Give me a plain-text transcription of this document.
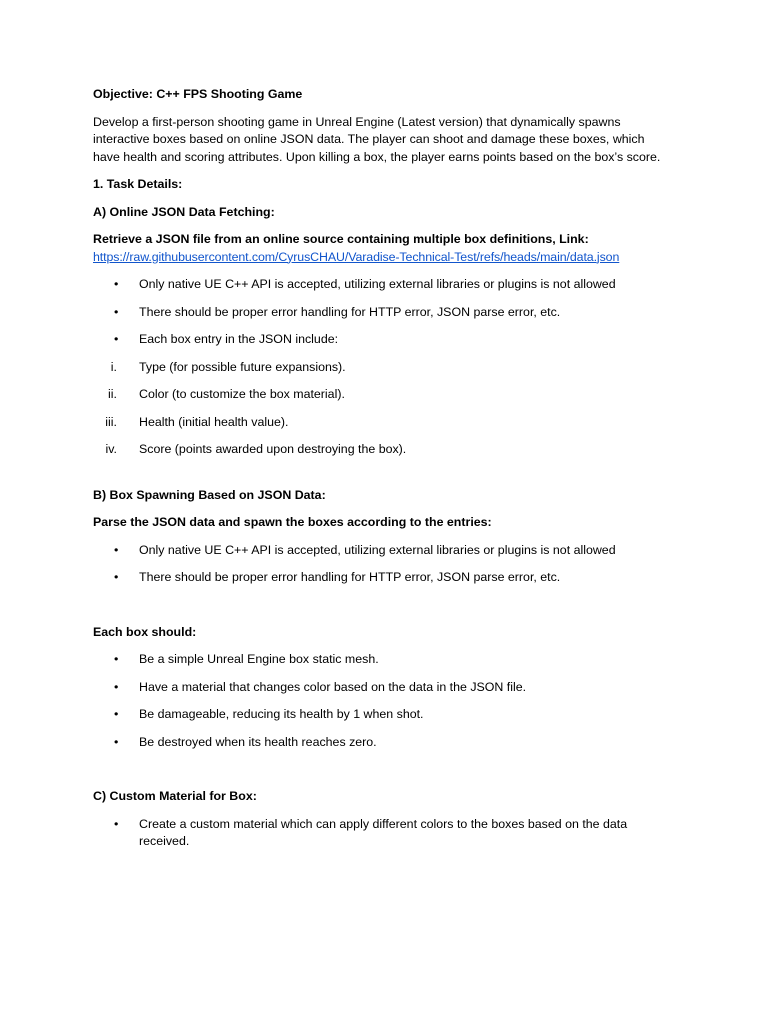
Objective: C++ FPS Shooting Game

Develop a first-person shooting game in Unreal Engine (Latest version) that dynamically spawns interactive boxes based on online JSON data. The player can shoot and damage these boxes, which have health and scoring attributes. Upon killing a box, the player earns points based on the box’s score.

1. Task Details:

A) Online JSON Data Fetching:

Retrieve a JSON file from an online source containing multiple box definitions, Link:

https://raw.githubusercontent.com/CyrusCHAU/Varadise-Technical-Test/refs/heads/main/data.json

•	Only native UE C++ API is accepted, utilizing external libraries or plugins is not allowed
•	There should be proper error handling for HTTP error, JSON parse error, etc.
•	Each box entry in the JSON include:
i. Type (for possible future expansions).
ii. Color (to customize the box material).
iii. Health (initial health value).
iv. Score (points awarded upon destroying the box).

B) Box Spawning Based on JSON Data:

Parse the JSON data and spawn the boxes according to the entries:

•	Only native UE C++ API is accepted, utilizing external libraries or plugins is not allowed
•	There should be proper error handling for HTTP error, JSON parse error, etc.

Each box should:

•	Be a simple Unreal Engine box static mesh.
•	Have a material that changes color based on the data in the JSON file.
•	Be damageable, reducing its health by 1 when shot.
•	Be destroyed when its health reaches zero.

C) Custom Material for Box:

•	Create a custom material which can apply different colors to the boxes based on the data received.
